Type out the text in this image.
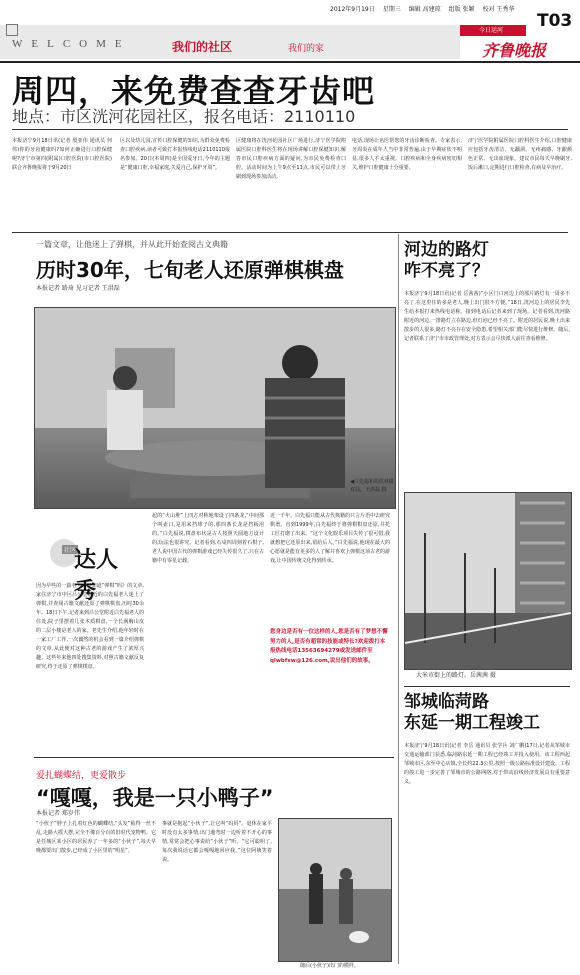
2012年9月19日 星期三 编辑 高建琼 组版 张颖 校对 王秀华
T03
今日运河
WELCOME	我们的社区	我们的家	齐鲁晚报
周四，来免费查查牙齿吧
地点：市区洸河花园社区，报名电话：2110110
本报济宁9月18日讯(记者 殷亚伟 通讯员 何伟)你的牙齿健康吗?如何正确进行口腔保健呢?济宁市第四(附属)口腔医院(市口腔医院)联合齐鲁晚报将于9月20日
区以及幼儿园,宣传口腔保健的知识,为群众免费检查口腔疾病,读者可致打本报热线电话2110110报名参加。20日(本周四)是全国爱牙日,今年的主题是“健康口腔,幸福家庭,关爱自己,保护牙周”。
区健康将在洸河花园社区广场进行,济宁医学院附属医院口腔科医生将在现场讲解口腔保健知识,解答市民口腔疾病方面的疑问,为市民免费检查口腔。活动时间为上午9点至11点,市民可以带上牙刷到现场参加活动。
电话,现场让名医帮您的牙齿诊断检查。专家表示,牙周炎在成年人当中非常普遍,由于早期症状不明显,很多人不太重视。口腔疾病和全身疾病密切相关,维护口腔健康十分重要。
济宁医学院附属医院口腔科医生介绍,口腔健康应包括牙齿清洁、无龋洞、无疼痛感、牙龈颜色正常、无出血现象。建议市民每天早晚刷牙,饭后漱口,定期进行口腔检查,有病及早治疗。
一篇文章，让他迷上了弹棋，并从此开始查阅古文典籍
历时30年，七旬老人还原弹棋棋盘
本报记者 路琦 见习记者 王洪磊
◀白先福和胡洪林做对局。王洪磊 摄
社区
达人秀
因为早些的一篇名为《弈知道“弹棋”吗》的文章,家住济宁市中区吕公堂附近的白先福老人迷上了弹棋,并查阅古籍文献还原了弹棋棋盘,历时30余年。18日下午,记者来到吕公堂附近白先福老人的住处,院子里摆着几张木质棋盘,一个长满胸山皮的二层小楼是老人的家。老先生介绍,他年轻时在一家工厂工作,一次偶然的机会看到一篇介绍弹棋的文章,从此便对这种古老的游戏产生了浓厚兴趣。这些年来他四处搜集资料,对照古籍文献反复研究,终于还原了弹棋棋盘。
起的“火山堆”上四方对称地架设了四条龙,“中间那个叫壶口,是用来挡球子的,那四条长龙是挡板用的。”白先福说,棋盘布状是古人按照天圆地方设计的,玩法也很讲究。记者看到,石桌四周刻着石棋子,老人说中国古代的弹棋游戏已经失传很久了,只在古籍中有零星记载。
近一千年。白先福只能从古代典籍的只言片语中去研究棋谱。直到1999年,白先福终于将弹棋棋盘还原,并托工匠打磨了出来。“这个文化娱乐项目失传了很可惜,我就想把它还原出来,留给后人。”白先福说,他现在最大的心愿就是能有更多的人了解并喜欢上弹棋这项古老的游戏,让中国传统文化得到传承。
您身边是否有一位这样的人,您是否有了梦想不懈努力的人,是否有超常的技能或特长?欢迎拨打本报热线电话13563694279或发送邮件至qlwbfxw@126.com,说出他们的故事。
爱扎蝴蝶结，更爱散步
“嘎嘎，我是一只小鸭子”
本报记者 郑岁伟
“小伙子”脖子上扎着红色的蝴蝶结,“头发”梳得一丝不乱,走路大摇大摆,完全不像百分百的旧时代宠物鸭。它是任城区某小区的居民养了一年多的“小伙子”,每天早晚都要出门散步,已经成了小区里的“明星”。
事就是抱起“小伙子”,让它叫“妈妈”。退休在家平时没有太多事情,出门遛弯时一边听着不开心的事情,常常会把心事说给“小伙子”听。“它可聪明了,每次我说话它都会嘎嘎地回应我。”这位阿姨笑着说。
随后(小伙子)出门的模样。
河边的路灯
咋不亮了？
本报济宁9月18日讯(记者 岳茜茜)“小区门口河边上的那片路灯有一周多不亮了,在这里住的多是老人,晚上出门很不方便。”18日,洸河边上的居民李先生给本报打来热线电话称。接到电话后记者来到了现场。记者看到,洸河路附近的河边,一排路灯立在路边,但灯泡已经不亮了。附近的居民说,晚上出来散步的人很多,路灯不亮存在安全隐患,希望相关部门能尽快进行维修。随后,记者联系了济宁市市政管理处,对方表示会尽快派人前往查看维修。
大米市街上的路灯。岳茜茜 摄
邹城临菏路
东延一期工程竣工
本报济宁9月18日讯(记者 李岳 通讯员 张学兵 刘广鹏)17日,记者从邹城市交通运输部门获悉,临菏路东延一期工程已经竣工并投入使用。该工程西起邹城市区,东至中心店镇,全长约22.3公里,按照一级公路标准设计建设。工程的竣工进一步完善了邹城市的公路网络,对于带动沿线经济发展具有重要意义。
